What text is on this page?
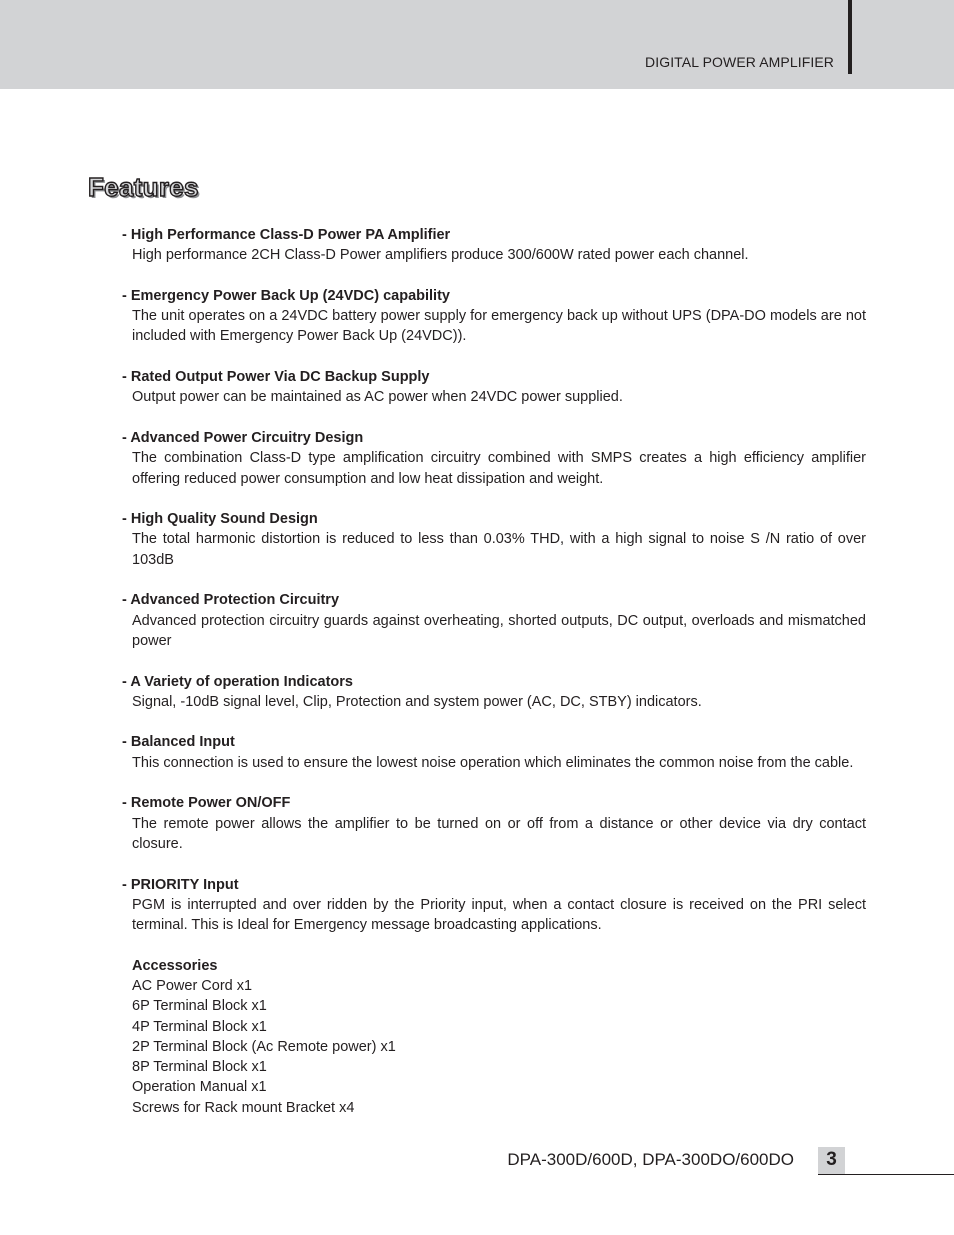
DIGITAL POWER AMPLIFIER
Features
- High Performance Class-D Power PA Amplifier
High performance 2CH Class-D Power amplifiers produce 300/600W rated power each channel.
- Emergency Power Back Up (24VDC) capability
The unit operates on a 24VDC battery power supply for emergency back up without UPS (DPA-DO models are not included with Emergency Power Back Up (24VDC)).
- Rated Output Power Via DC Backup Supply
Output power can be maintained as AC power when 24VDC power supplied.
- Advanced Power Circuitry Design
The combination Class-D type amplification circuitry combined with SMPS creates a high efficiency amplifier offering reduced power consumption and low heat dissipation and weight.
- High Quality Sound Design
The total harmonic distortion is reduced to less than 0.03% THD, with a high signal to noise S /N ratio of over 103dB
- Advanced Protection Circuitry
Advanced protection circuitry guards against overheating, shorted outputs, DC output, overloads and mismatched power
- A Variety of operation Indicators
Signal, -10dB signal level, Clip, Protection and system power (AC, DC, STBY) indicators.
- Balanced Input
This connection is used to ensure the lowest noise operation which eliminates the common noise from the cable.
- Remote Power ON/OFF
The remote power allows the amplifier to be turned on or off from a distance or other device via dry contact closure.
- PRIORITY Input
PGM is interrupted and over ridden by the Priority input, when a contact closure is received on the PRI select terminal. This is Ideal for Emergency message broadcasting applications.
Accessories
AC Power Cord x1
6P Terminal Block x1
4P Terminal Block x1
2P Terminal Block (Ac Remote power) x1
8P Terminal Block x1
Operation Manual x1
Screws for Rack mount Bracket x4
DPA-300D/600D, DPA-300DO/600DO	3
